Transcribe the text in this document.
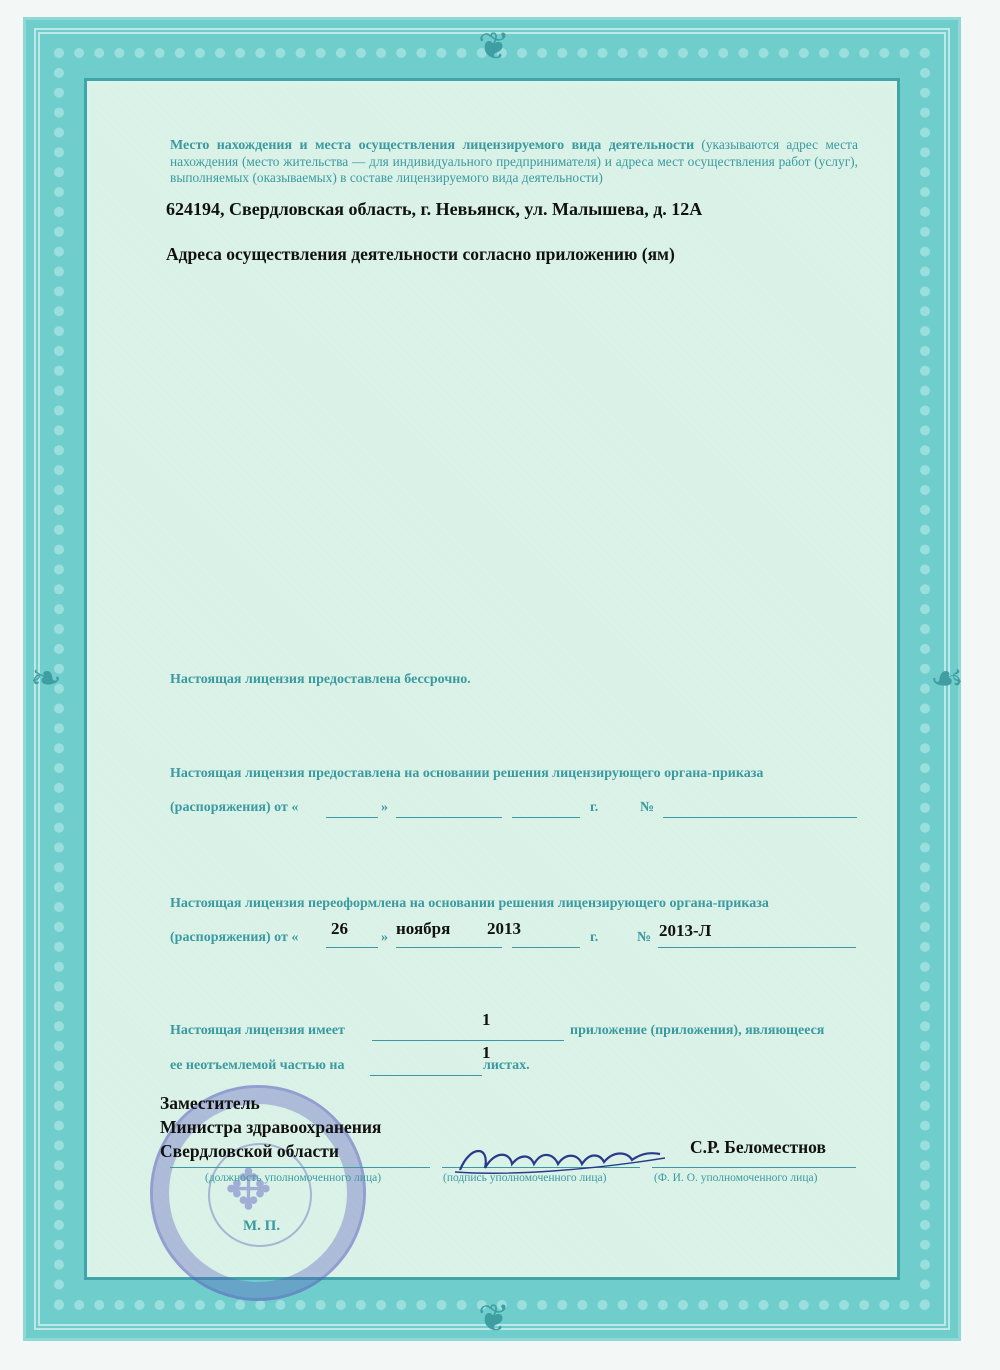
❦
❦
❧	☙
Место нахождения и места осуществления лицензируемого вида деятельности (указываются адрес места нахождения (место жительства — для индивидуального предпринимателя) и адреса мест осуществления работ (услуг), выполняемых (оказываемых) в составе лицензируемого вида деятельности)
624194, Свердловская область, г. Невьянск, ул. Малышева, д. 12А
Адреса осуществления деятельности согласно приложению (ям)
Настоящая лицензия предоставлена бессрочно.
Настоящая лицензия предоставлена на основании решения лицензирующего органа-приказа
(распоряжения) от «	»	г.	№
Настоящая лицензия переоформлена на основании решения лицензирующего органа-приказа
(распоряжения) от « 26 » ноября 2013	г.	№ 2013-Л
Настоящая лицензия имеет
1
приложение (приложения), являющееся
ее неотъемлемой частью на
1
листах.
✥
Заместитель
Министра здравоохранения
Свердловской области	С.Р. Беломестнов
(должность уполномоченного лица)	(подпись уполномоченного лица)	(Ф. И. О. уполномоченного лица)
М. П.
